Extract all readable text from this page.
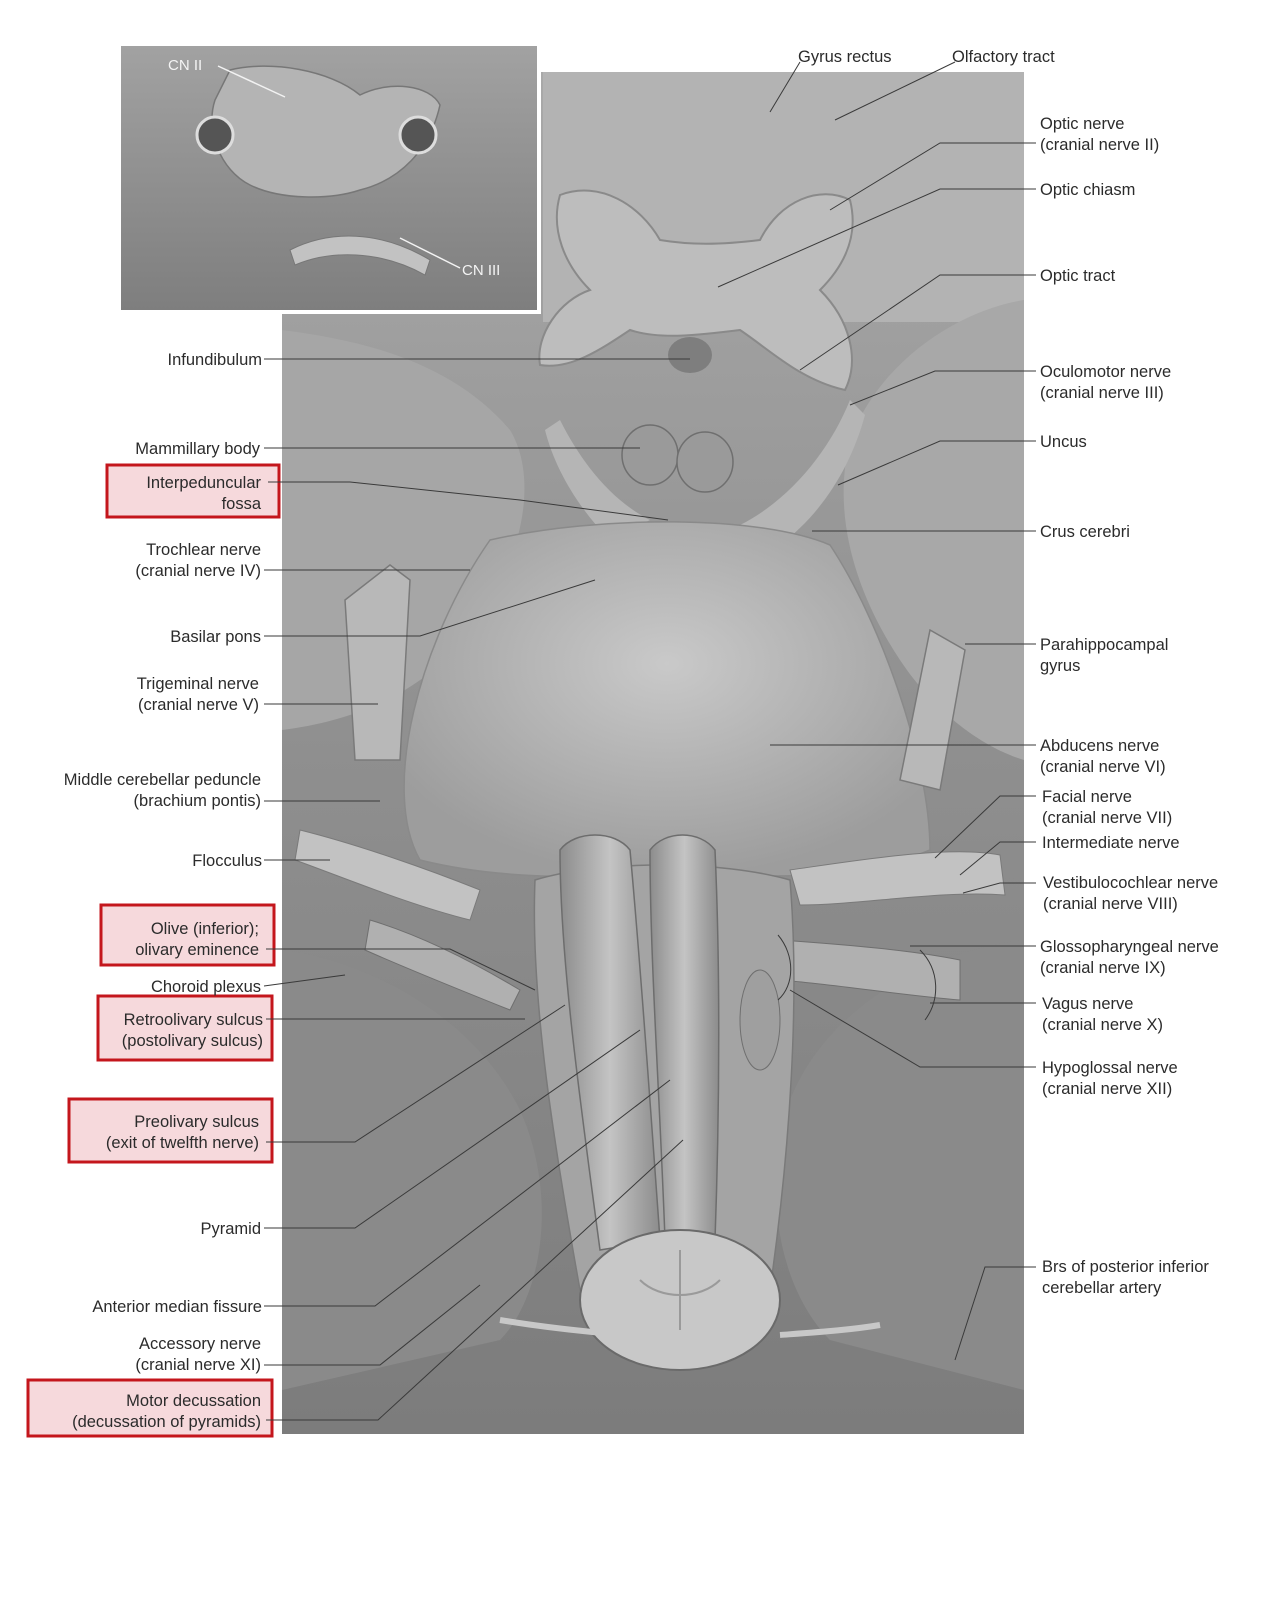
CN II
CN III
Gyrus rectus	Olfactory tract
Infundibulum
Mammillary body
Interpeduncular
fossa
Trochlear nerve
(cranial nerve IV)
Basilar pons
Trigeminal nerve
(cranial nerve V)
Middle cerebellar peduncle
(brachium pontis)
Flocculus
Olive (inferior);
olivary eminence
Choroid plexus
Retroolivary sulcus
(postolivary sulcus)
Preolivary sulcus
(exit of twelfth nerve)
Pyramid
Anterior median fissure
Accessory nerve
(cranial nerve XI)
Motor decussation
(decussation of pyramids)
Optic nerve
(cranial nerve II)
Optic chiasm
Optic tract
Oculomotor nerve
(cranial nerve III)
Uncus
Crus cerebri
Parahippocampal
gyrus
Abducens nerve
(cranial nerve VI)
Facial nerve
(cranial nerve VII)
Intermediate nerve
Vestibulocochlear nerve
(cranial nerve VIII)
Glossopharyngeal nerve
(cranial nerve IX)
Vagus nerve
(cranial nerve X)
Hypoglossal nerve
(cranial nerve XII)
Brs of posterior inferior
cerebellar artery
